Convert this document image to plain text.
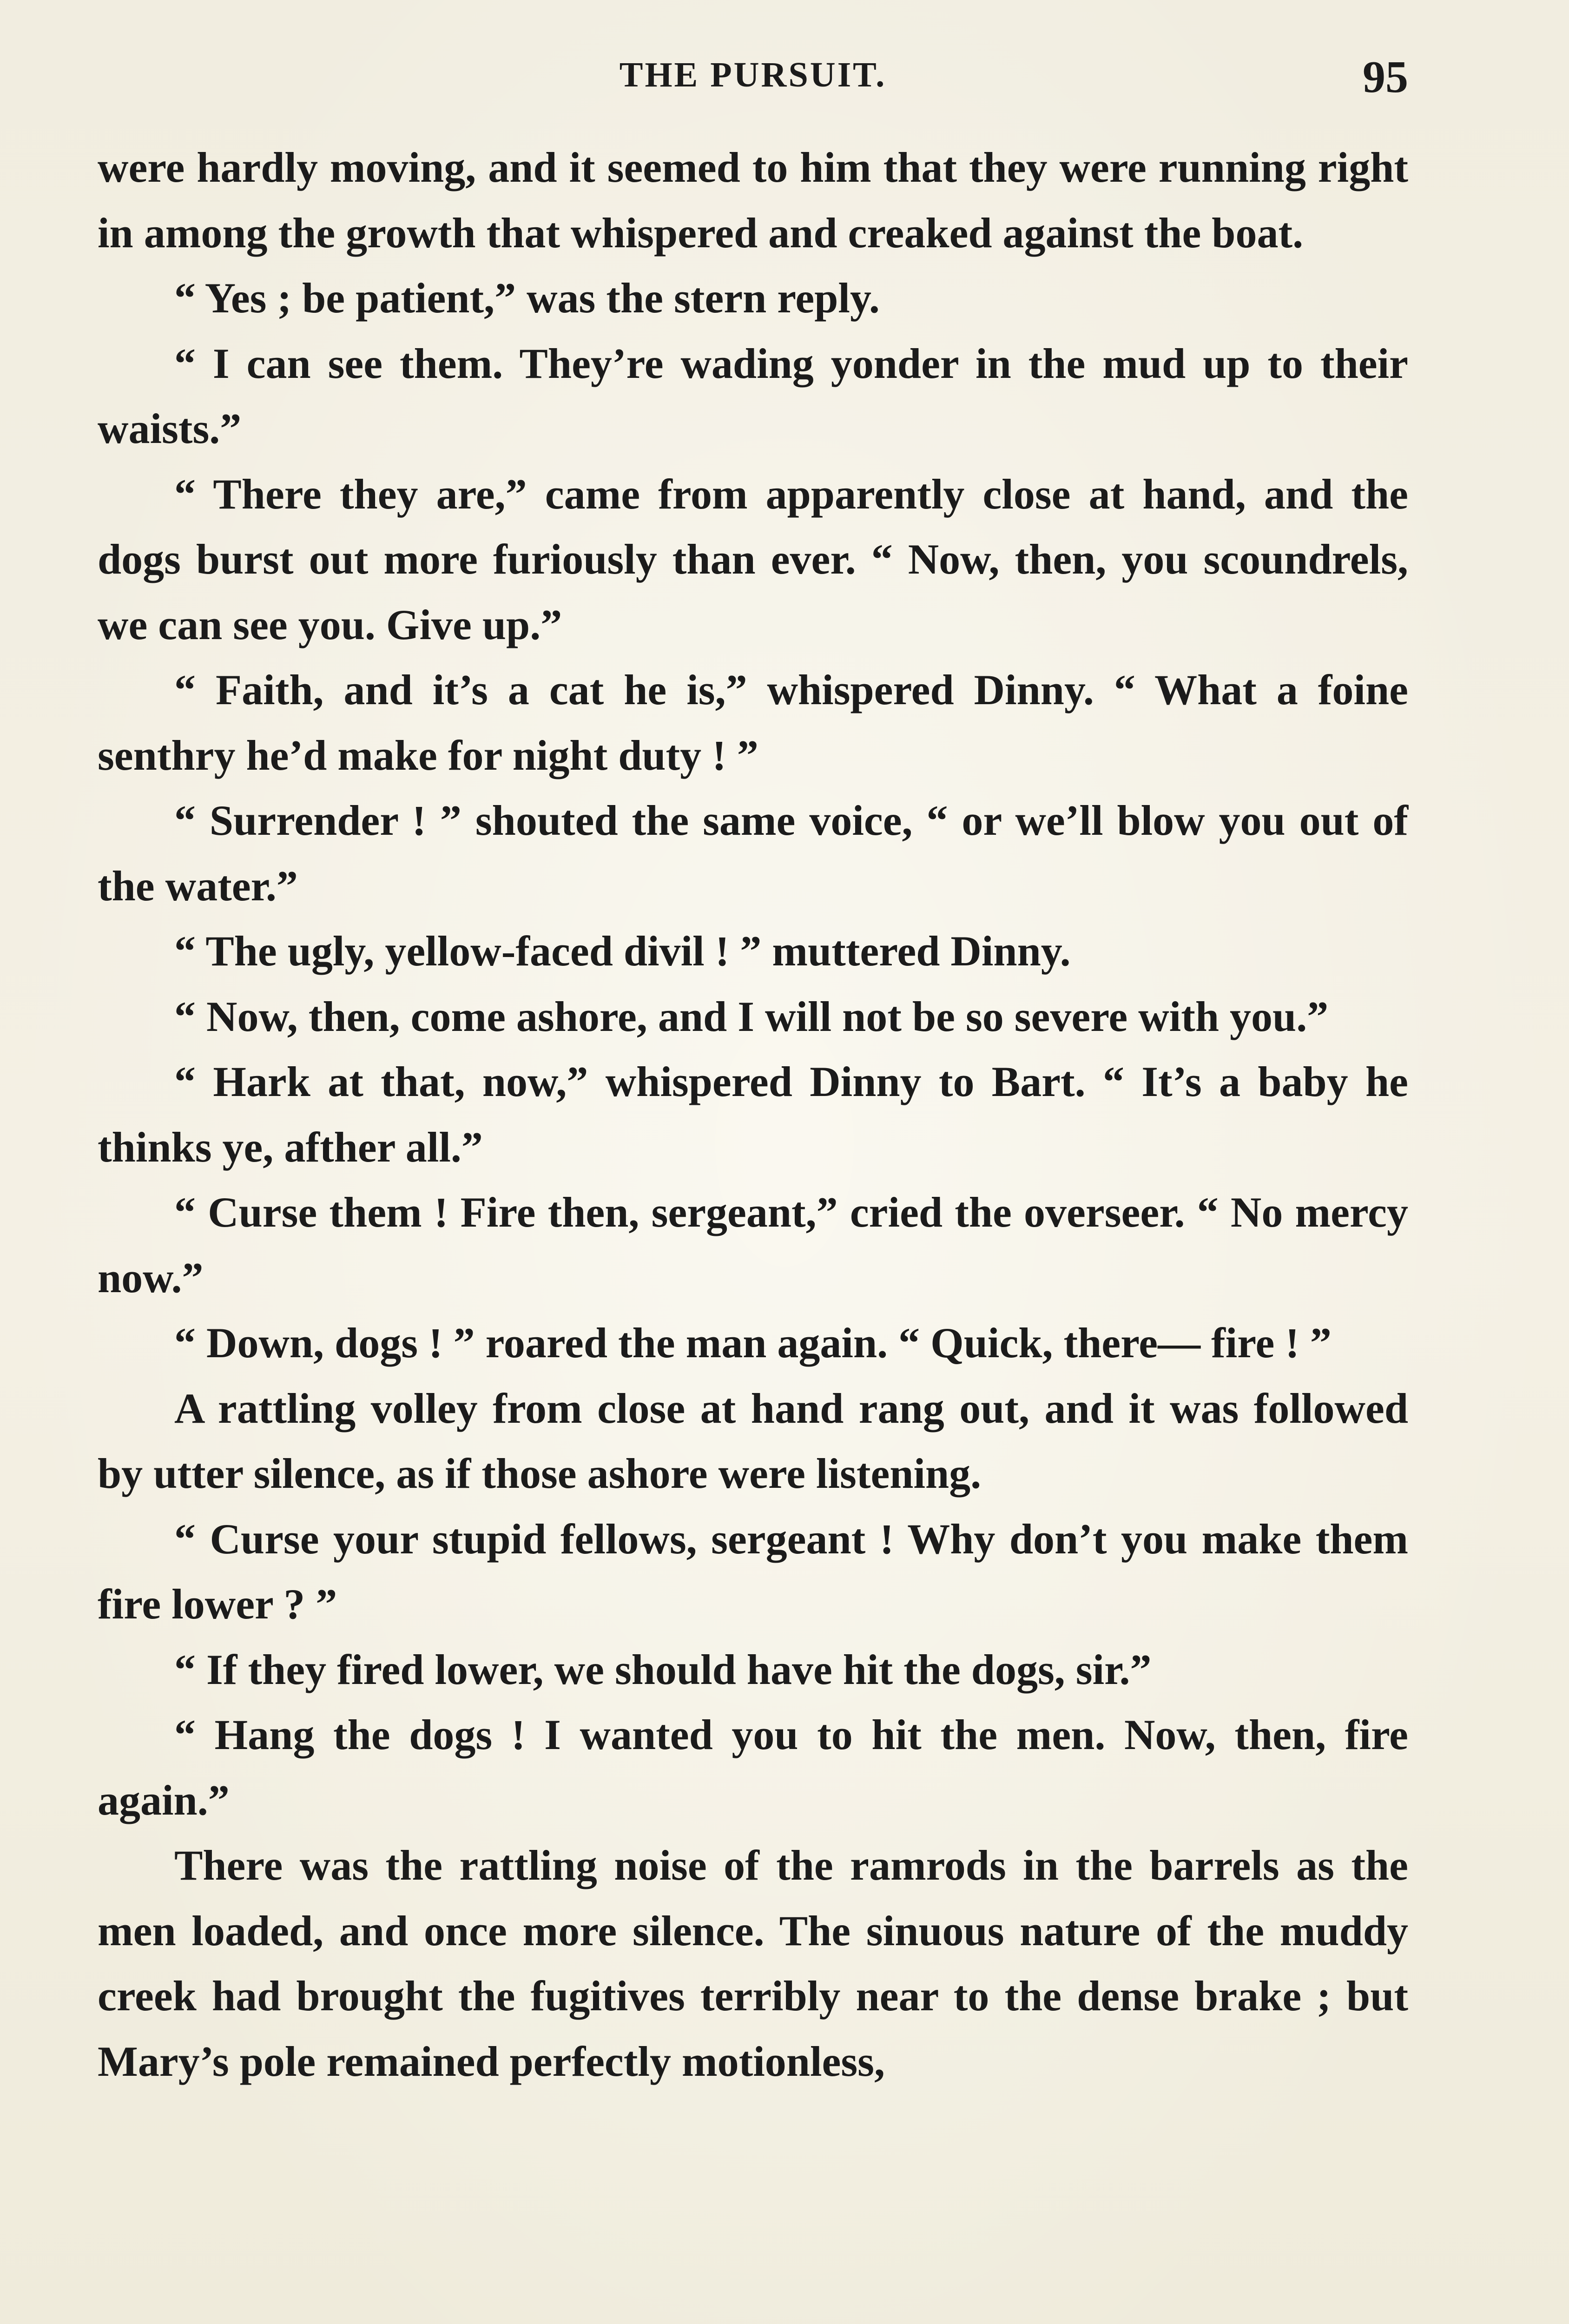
THE PURSUIT.	95

were hardly moving, and it seemed to him that they were running right in among the growth that whispered and creaked against the boat.

“ Yes ; be patient,” was the stern reply.

“ I can see them. They’re wading yonder in the mud up to their waists.”

“ There they are,” came from apparently close at hand, and the dogs burst out more furiously than ever. “ Now, then, you scoundrels, we can see you. Give up.”

“ Faith, and it’s a cat he is,” whispered Dinny. “ What a foine senthry he’d make for night duty ! ”

“ Surrender ! ” shouted the same voice, “ or we’ll blow you out of the water.”

“ The ugly, yellow-faced divil ! ” muttered Dinny.

“ Now, then, come ashore, and I will not be so severe with you.”

“ Hark at that, now,” whispered Dinny to Bart. “ It’s a baby he thinks ye, afther all.”

“ Curse them ! Fire then, sergeant,” cried the overseer. “ No mercy now.”

“ Down, dogs ! ” roared the man again. “ Quick, there— fire ! ”

A rattling volley from close at hand rang out, and it was followed by utter silence, as if those ashore were listening.

“ Curse your stupid fellows, sergeant ! Why don’t you make them fire lower ? ”

“ If they fired lower, we should have hit the dogs, sir.”

“ Hang the dogs ! I wanted you to hit the men. Now, then, fire again.”

There was the rattling noise of the ramrods in the barrels as the men loaded, and once more silence. The sinuous nature of the muddy creek had brought the fugitives terribly near to the dense brake ; but Mary’s pole remained perfectly motionless,
